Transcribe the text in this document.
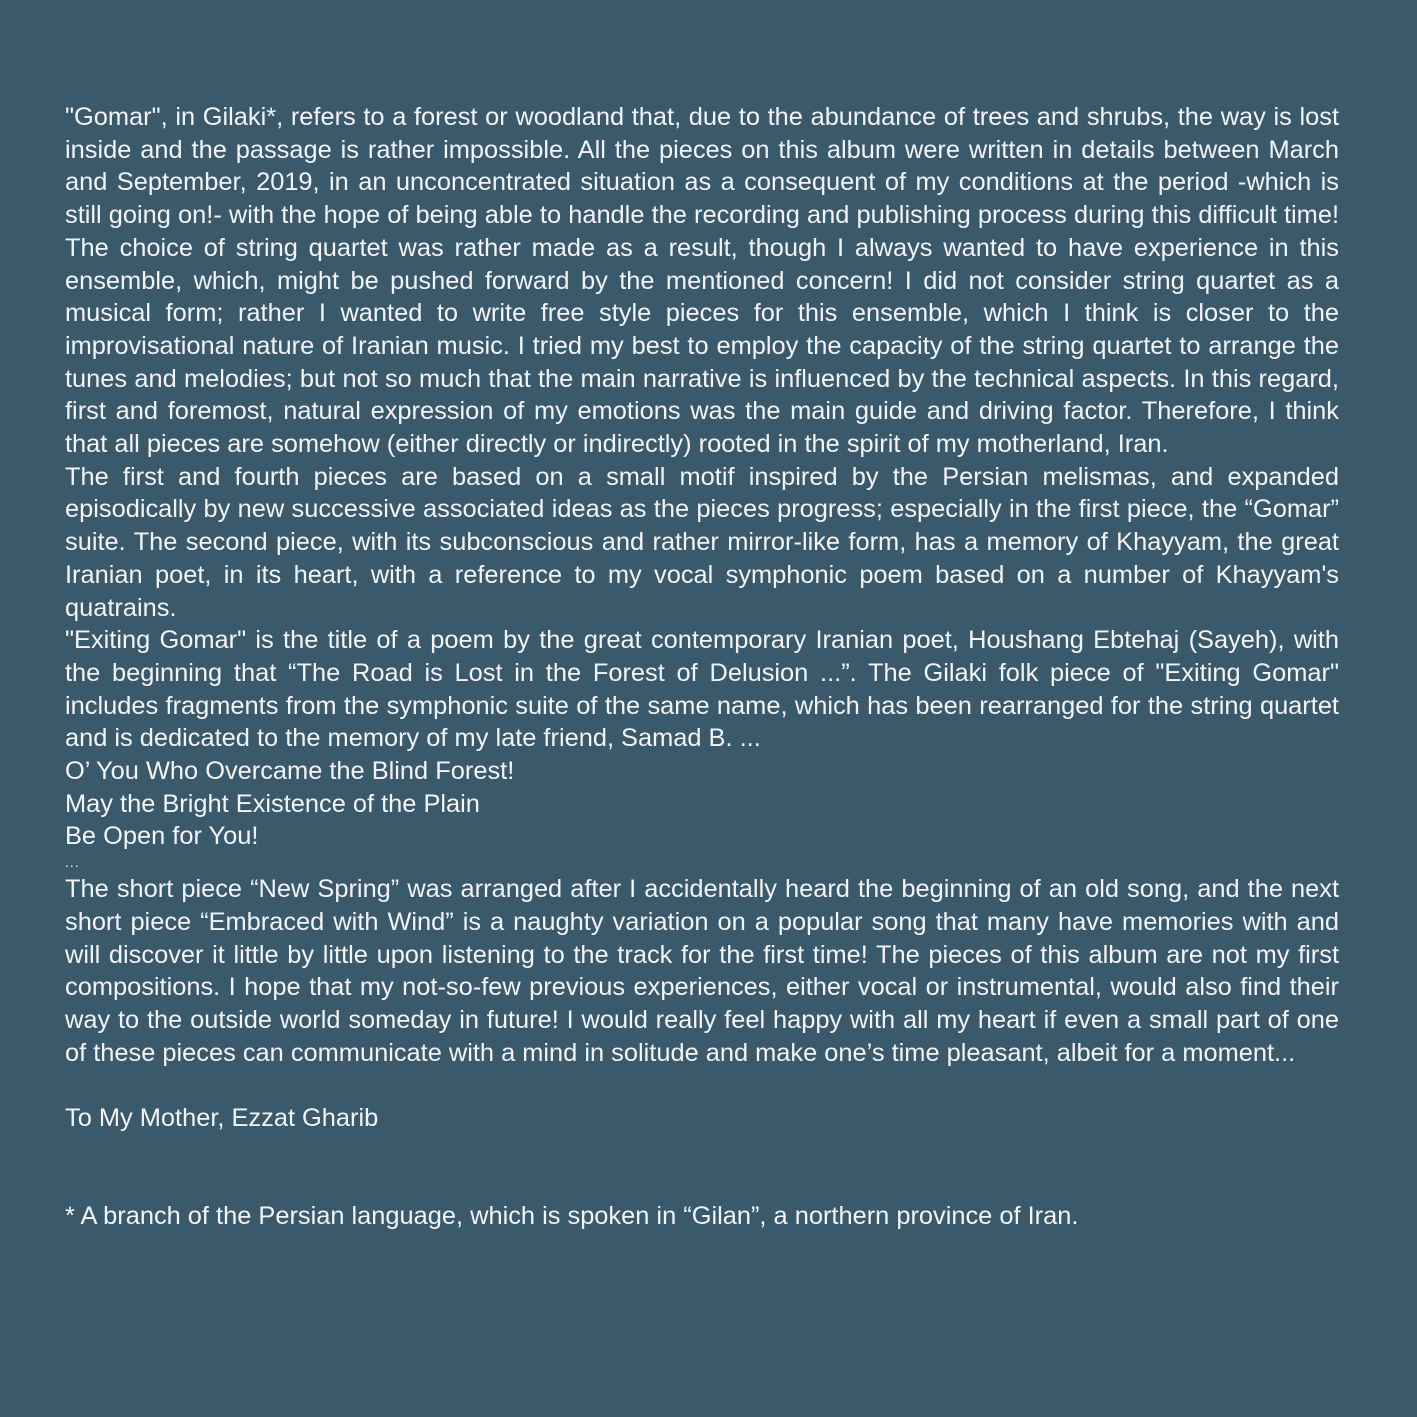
"Gomar", in Gilaki*, refers to a forest or woodland that, due to the abundance of trees and shrubs, the way is lost inside and the passage is rather impossible. All the pieces on this album were written in details between March and September, 2019, in an unconcentrated situation as a consequent of my conditions at the period -which is still going on!- with the hope of being able to handle the recording and publishing process during this difficult time! The choice of string quartet was rather made as a result, though I always wanted to have experience in this ensemble, which, might be pushed forward by the mentioned concern! I did not consider string quartet as a musical form; rather I wanted to write free style pieces for this ensemble, which I think is closer to the improvisational nature of Iranian music. I tried my best to employ the capacity of the string quartet to arrange the tunes and melodies; but not so much that the main narrative is influenced by the technical aspects. In this regard, first and foremost, natural expression of my emotions was the main guide and driving factor. Therefore, I think that all pieces are somehow (either directly or indirectly) rooted in the spirit of my motherland, Iran.

The first and fourth pieces are based on a small motif inspired by the Persian melismas, and expanded episodically by new successive associated ideas as the pieces progress; especially in the first piece, the “Gomar” suite. The second piece, with its subconscious and rather mirror-like form, has a memory of Khayyam, the great Iranian poet, in its heart, with a reference to my vocal symphonic poem based on a number of Khayyam's quatrains.

"Exiting Gomar" is the title of a poem by the great contemporary Iranian poet, Houshang Ebtehaj (Sayeh), with the beginning that “The Road is Lost in the Forest of Delusion ...”. The Gilaki folk piece of "Exiting Gomar" includes fragments from the symphonic suite of the same name, which has been rearranged for the string quartet and is dedicated to the memory of my late friend, Samad B. ...

O’ You Who Overcame the Blind Forest!

May the Bright Existence of the Plain

Be Open for You!

...

The short piece “New Spring” was arranged after I accidentally heard the beginning of an old song, and the next short piece “Embraced with Wind” is a naughty variation on a popular song that many have memories with and will discover it little by little upon listening to the track for the first time! The pieces of this album are not my first compositions. I hope that my not-so-few previous experiences, either vocal or instrumental, would also find their way to the outside world someday in future! I would really feel happy with all my heart if even a small part of one of these pieces can communicate with a mind in solitude and make one’s time pleasant, albeit for a moment...

To My Mother, Ezzat Gharib

* A branch of the Persian language, which is spoken in “Gilan”, a northern province of Iran.
